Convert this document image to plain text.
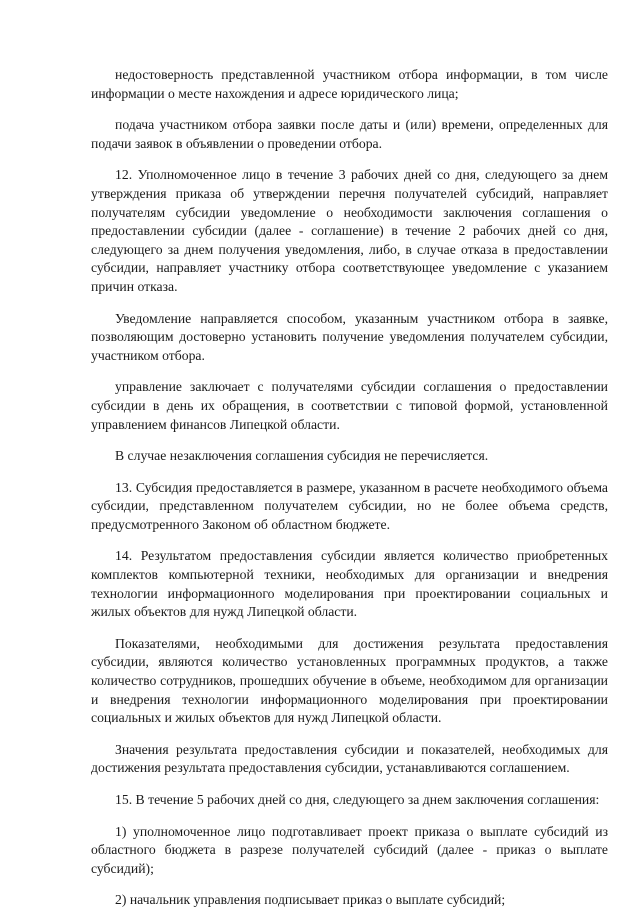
недостоверность представленной участником отбора информации, в том числе информации о месте нахождения и адресе юридического лица;

подача участником отбора заявки после даты и (или) времени, определенных для подачи заявок в объявлении о проведении отбора.

12. Уполномоченное лицо в течение 3 рабочих дней со дня, следующего за днем утверждения приказа об утверждении перечня получателей субсидий, направляет получателям субсидии уведомление о необходимости заключения соглашения о предоставлении субсидии (далее - соглашение) в течение 2 рабочих дней со дня, следующего за днем получения уведомления, либо, в случае отказа в предоставлении субсидии, направляет участнику отбора соответствующее уведомление с указанием причин отказа.

Уведомление направляется способом, указанным участником отбора в заявке, позволяющим достоверно установить получение уведомления получателем субсидии, участником отбора.

управление заключает с получателями субсидии соглашения о предоставлении субсидии в день их обращения, в соответствии с типовой формой, установленной управлением финансов Липецкой области.

В случае незаключения соглашения субсидия не перечисляется.

13. Субсидия предоставляется в размере, указанном в расчете необходимого объема субсидии, представленном получателем субсидии, но не более объема средств, предусмотренного Законом об областном бюджете.

14. Результатом предоставления субсидии является количество приобретенных комплектов компьютерной техники, необходимых для организации и внедрения технологии информационного моделирования при проектировании социальных и жилых объектов для нужд Липецкой области.

Показателями, необходимыми для достижения результата предоставления субсидии, являются количество установленных программных продуктов, а также количество сотрудников, прошедших обучение в объеме, необходимом для организации и внедрения технологии информационного моделирования при проектировании социальных и жилых объектов для нужд Липецкой области.

Значения результата предоставления субсидии и показателей, необходимых для достижения результата предоставления субсидии, устанавливаются соглашением.

15. В течение 5 рабочих дней со дня, следующего за днем заключения соглашения:

1) уполномоченное лицо подготавливает проект приказа о выплате субсидий из областного бюджета в разрезе получателей субсидий (далее - приказ о выплате субсидий);

2) начальник управления подписывает приказ о выплате субсидий;
